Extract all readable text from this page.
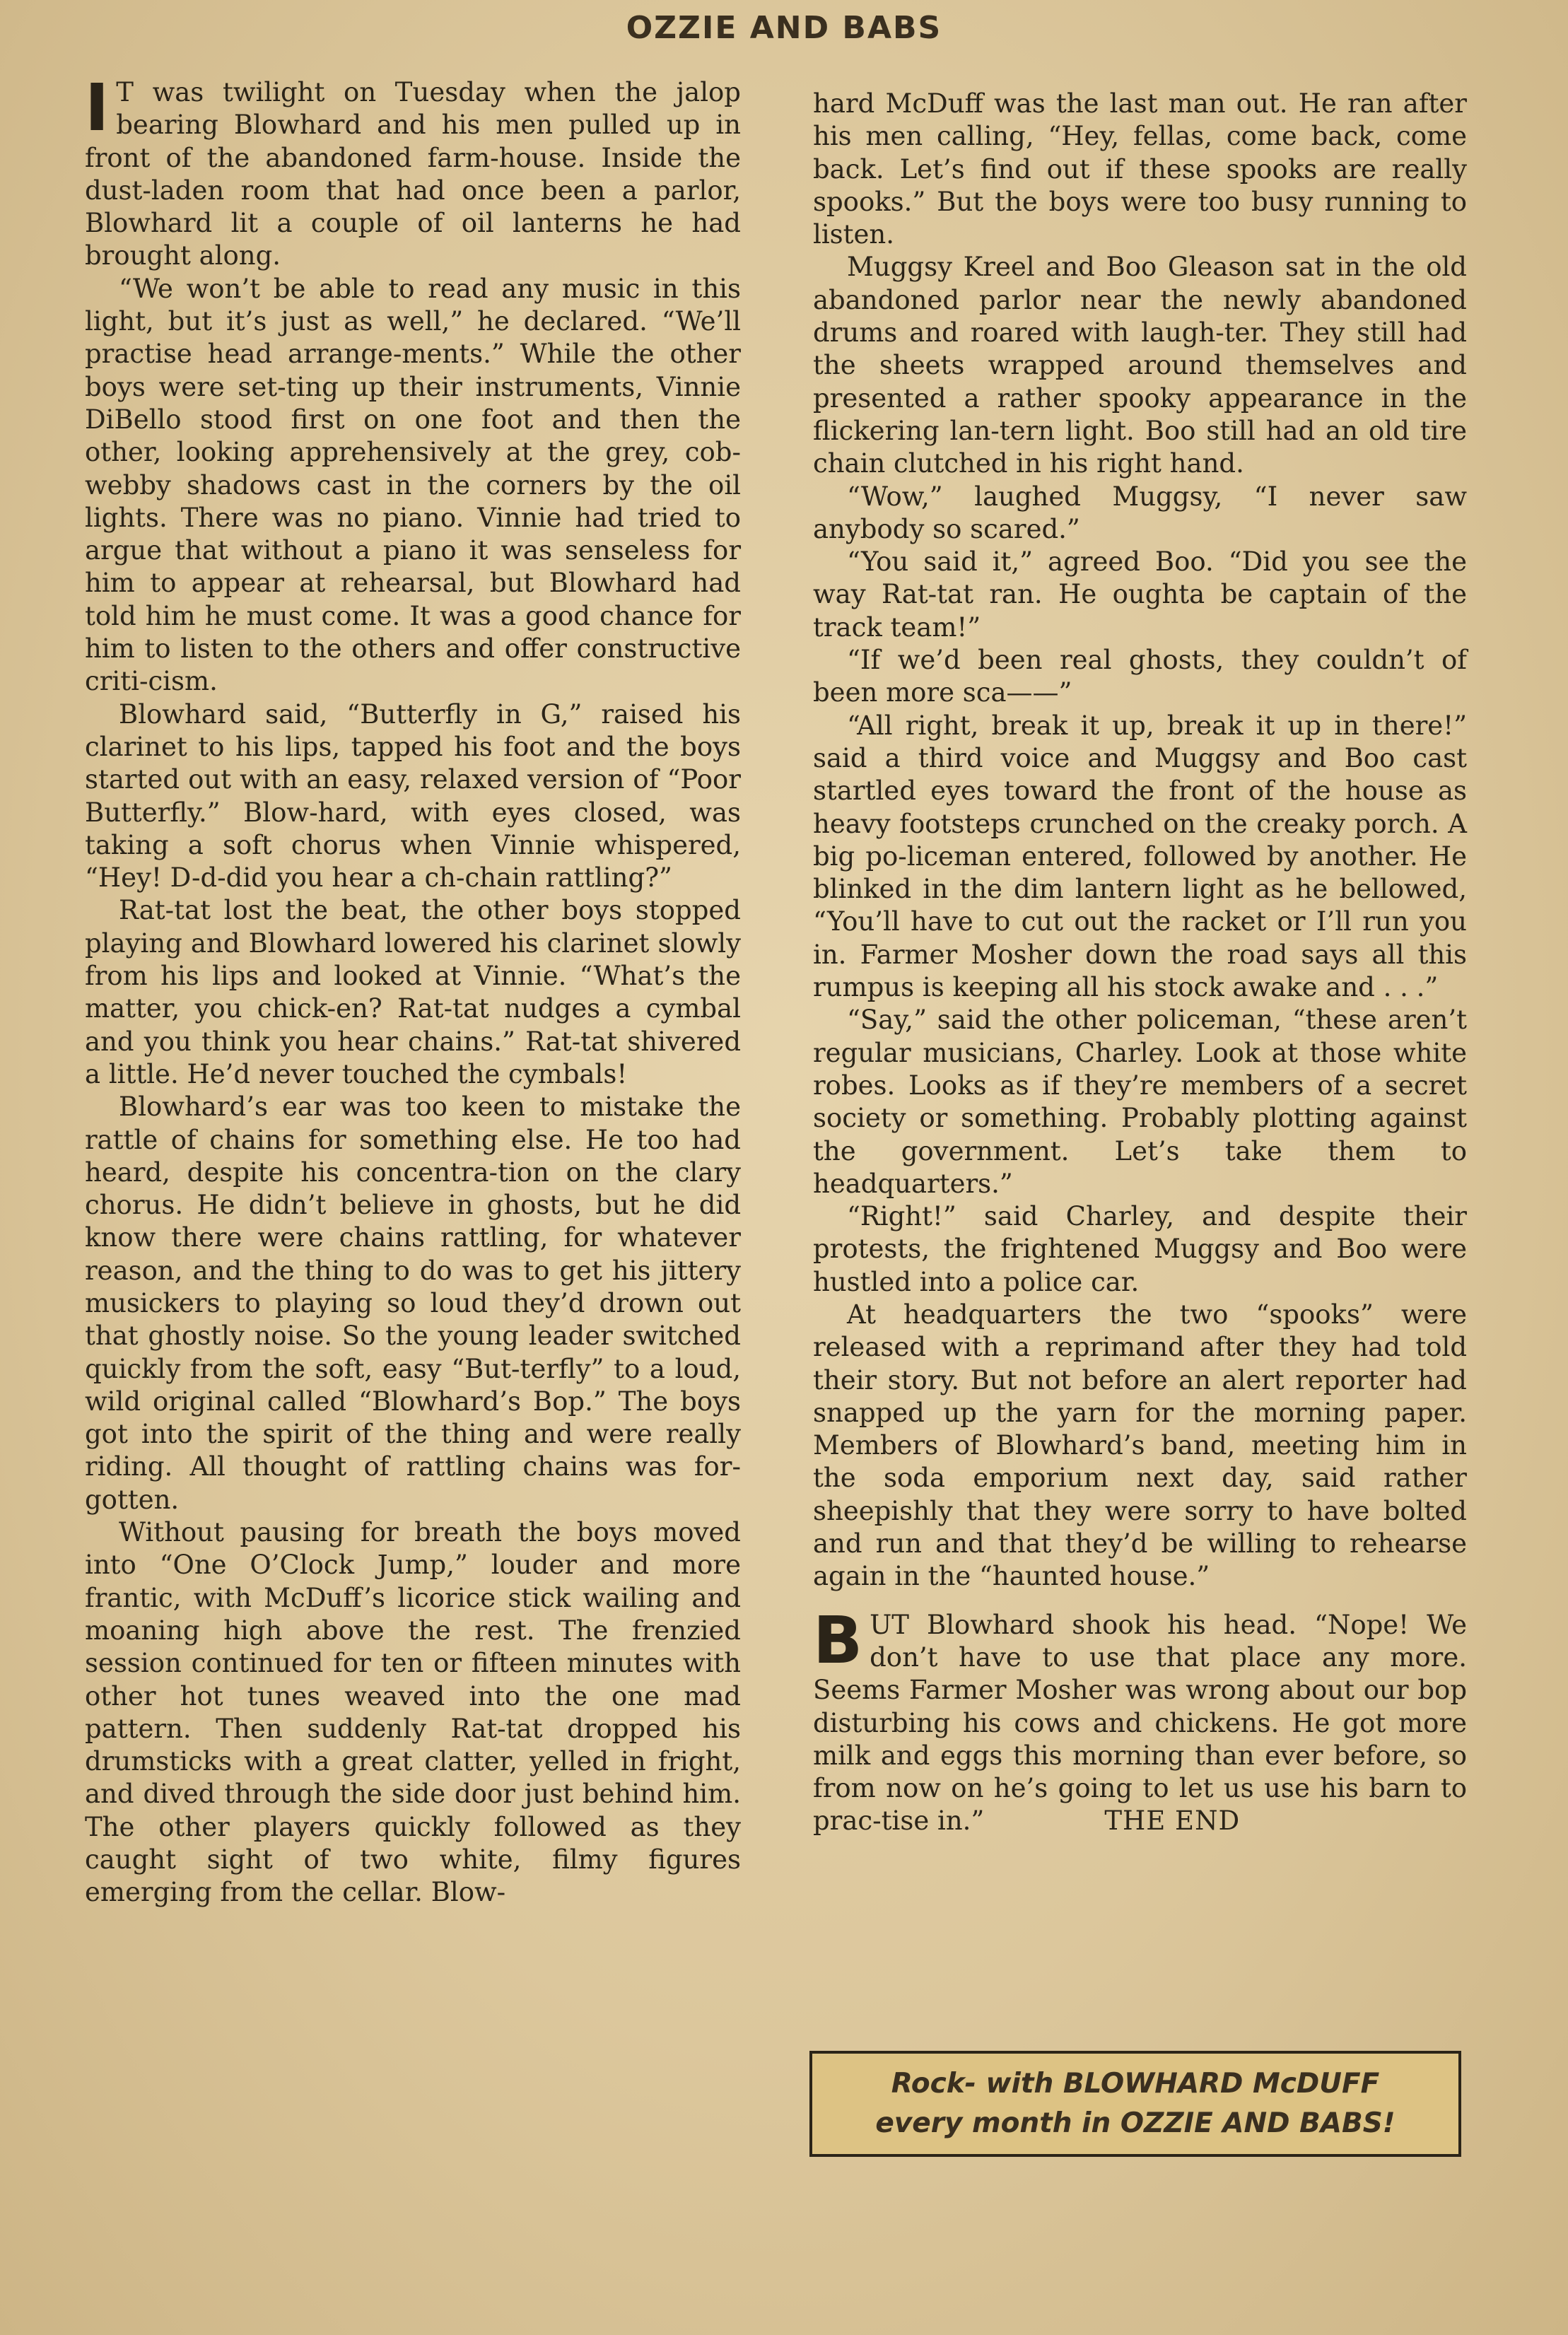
OZZIE AND BABS

I T was twilight on Tuesday when the jalop bearing Blowhard and his men pulled up in front of the abandoned farm-house. Inside the dust-laden room that had once been a parlor, Blowhard lit a couple of oil lanterns he had brought along.

“We won’t be able to read any music in this light, but it’s just as well,” he declared. “We’ll practise head arrange-ments.” While the other boys were set-ting up their instruments, Vinnie DiBello stood first on one foot and then the other, looking apprehensively at the grey, cob-webby shadows cast in the corners by the oil lights. There was no piano. Vinnie had tried to argue that without a piano it was senseless for him to appear at rehearsal, but Blowhard had told him he must come. It was a good chance for him to listen to the others and offer constructive criti-cism.

Blowhard said, “Butterfly in G,” raised his clarinet to his lips, tapped his foot and the boys started out with an easy, relaxed version of “Poor Butterfly.” Blow-hard, with eyes closed, was taking a soft chorus when Vinnie whispered, “Hey! D-d-did you hear a ch-chain rattling?”

Rat-tat lost the beat, the other boys stopped playing and Blowhard lowered his clarinet slowly from his lips and looked at Vinnie. “What’s the matter, you chick-en? Rat-tat nudges a cymbal and you think you hear chains.” Rat-tat shivered a little. He’d never touched the cymbals!

Blowhard’s ear was too keen to mistake the rattle of chains for something else. He too had heard, despite his concentra-tion on the clary chorus. He didn’t believe in ghosts, but he did know there were chains rattling, for whatever reason, and the thing to do was to get his jittery musickers to playing so loud they’d drown out that ghostly noise. So the young leader switched quickly from the soft, easy “But-terfly” to a loud, wild original called “Blowhard’s Bop.” The boys got into the spirit of the thing and were really riding. All thought of rattling chains was for-gotten.

Without pausing for breath the boys moved into “One O’Clock Jump,” louder and more frantic, with McDuff’s licorice stick wailing and moaning high above the rest. The frenzied session continued for ten or fifteen minutes with other hot tunes weaved into the one mad pattern. Then suddenly Rat-tat dropped his drumsticks with a great clatter, yelled in fright, and dived through the side door just behind him. The other players quickly followed as they caught sight of two white, filmy figures emerging from the cellar. Blow-

hard McDuff was the last man out. He ran after his men calling, “Hey, fellas, come back, come back. Let’s find out if these spooks are really spooks.” But the boys were too busy running to listen.

Muggsy Kreel and Boo Gleason sat in the old abandoned parlor near the newly abandoned drums and roared with laugh-ter. They still had the sheets wrapped around themselves and presented a rather spooky appearance in the flickering lan-tern light. Boo still had an old tire chain clutched in his right hand.

“Wow,” laughed Muggsy, “I never saw anybody so scared.”

“You said it,” agreed Boo. “Did you see the way Rat-tat ran. He oughta be captain of the track team!”

“If we’d been real ghosts, they couldn’t of been more sca——”

“All right, break it up, break it up in there!” said a third voice and Muggsy and Boo cast startled eyes toward the front of the house as heavy footsteps crunched on the creaky porch. A big po-liceman entered, followed by another. He blinked in the dim lantern light as he bellowed, “You’ll have to cut out the racket or I’ll run you in. Farmer Mosher down the road says all this rumpus is keeping all his stock awake and . . .”

“Say,” said the other policeman, “these aren’t regular musicians, Charley. Look at those white robes. Looks as if they’re members of a secret society or something. Probably plotting against the government. Let’s take them to headquarters.”

“Right!” said Charley, and despite their protests, the frightened Muggsy and Boo were hustled into a police car.

At headquarters the two “spooks” were released with a reprimand after they had told their story. But not before an alert reporter had snapped up the yarn for the morning paper. Members of Blowhard’s band, meeting him in the soda emporium next day, said rather sheepishly that they were sorry to have bolted and run and that they’d be willing to rehearse again in the “haunted house.”

BUT Blowhard shook his head. “Nope! We don’t have to use that place any more. Seems Farmer Mosher was wrong about our bop disturbing his cows and chickens. He got more milk and eggs this morning than ever before, so from now on he’s going to let us use his barn to prac-tise in.”	THE END

Rock- with BLOWHARD McDUFF
every month in OZZIE AND BABS!
